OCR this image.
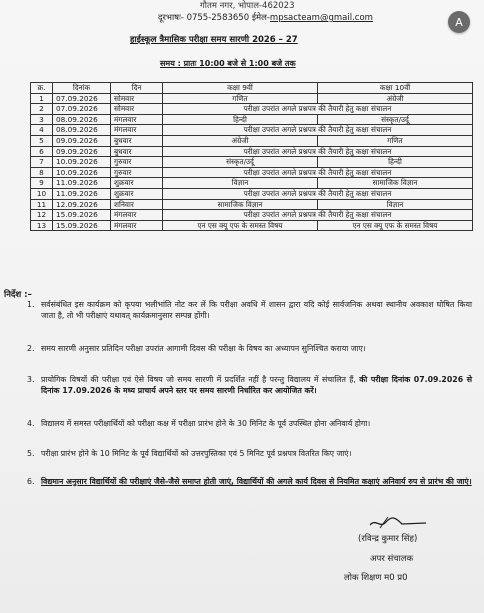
गौतम नगर, भोपाल-462023
दूरभाषः- 0755-2583650 ईमेल-mpsacteam@gmail.com	A
हाईस्कूल त्रैमासिक परीक्षा समय सारणी 2026 – 27
समय : प्रातः 10:00 बजे से 1:00 बजे तक
क्र.	दिनांक	दिन	कक्षा 9वीं	कक्षा 10वीं
1	07.09.2026	सोमवार	गणित	अंग्रेजी
2	07.09.2026	सोमवार	परीक्षा उपरांत अगले प्रश्नपत्र की तैयारी हेतु कक्षा संचालन	
3	08.09.2026	मंगलवार	हिन्दी	संस्कृत/उर्दू
4	08.09.2026	मंगलवार	परीक्षा उपरांत अगले प्रश्नपत्र की तैयारी हेतु कक्षा संचालन	
5	09.09.2026	बुधवार	अंग्रेजी	गणित
6	09.09.2026	बुधवार	परीक्षा उपरांत अगले प्रश्नपत्र की तैयारी हेतु कक्षा संचालन	
7	10.09.2026	गुरुवार	संस्कृत/उर्दू	हिन्दी
8	10.09.2026	गुरुवार	परीक्षा उपरांत अगले प्रश्नपत्र की तैयारी हेतु कक्षा संचालन	
9	11.09.2026	शुक्रवार	विज्ञान	सामाजिक विज्ञान
10	11.09.2026	शुक्रवार	परीक्षा उपरांत अगले प्रश्नपत्र की तैयारी हेतु कक्षा संचालन	
11	12.09.2026	शनिवार	सामाजिक विज्ञान	विज्ञान
12	15.09.2026	मंगलवार	परीक्षा उपरांत अगले प्रश्नपत्र की तैयारी हेतु कक्षा संचालन	
13	15.09.2026	मंगलवार	एन एस क्यू एफ के समस्त विषय	एन एस क्यू एफ के समस्त विषय
निर्देश :–
1. सर्वसंबंधित इस कार्यक्रम को कृपया भलीभांति नोट कर लें कि परीक्षा अवधि में शासन द्वारा यदि कोई सार्वजनिक अथवा स्थानीय अवकाश घोषित किया जाता है, तो भी परीक्षाएं यथावत् कार्यक्रमानुसार सम्पन्न होंगी।
2. समय सारणी अनुसार प्रतिदिन परीक्षा उपरांत आगामी दिवस की परीक्षा के विषय का अध्यापन सुनिश्चित कराया जाए।
3. प्रायोगिक विषयों की परीक्षा एवं ऐसे विषय जो समय सारणी में प्रदर्शित नहीं है परन्तु विद्यालय में संचालित हैं, की परीक्षा दिनांक 07.09.2026 से दिनांक 17.09.2026 के मध्य प्राचार्य अपने स्तर पर समय सारणी निर्धारित कर आयोजित करें।
4. विद्यालय में समस्त परीक्षार्थियों को परीक्षा कक्ष में परीक्षा प्रारंभ होने के 30 मिनिट के पूर्व उपस्थित होना अनिवार्य होगा।
5. परीक्षा प्रारंभ होने के 10 मिनिट के पूर्व विद्यार्थियों को उत्तरपुस्तिका एवं 5 मिनिट पूर्व प्रश्नपत्र वितरित किए जाएं।
6. विद्यमान अनुसार विद्यार्थियों की परीक्षाएं जैसे-जैसे समाप्त होती जाएं, विद्यार्थियों की अगले कार्य दिवस से नियमित कक्षाएं अनिवार्य रुप से प्रारंभ की जाएं।
(रविन्द्र कुमार सिंह)
अपर संचालक
लोक शिक्षण म0 प्र0
